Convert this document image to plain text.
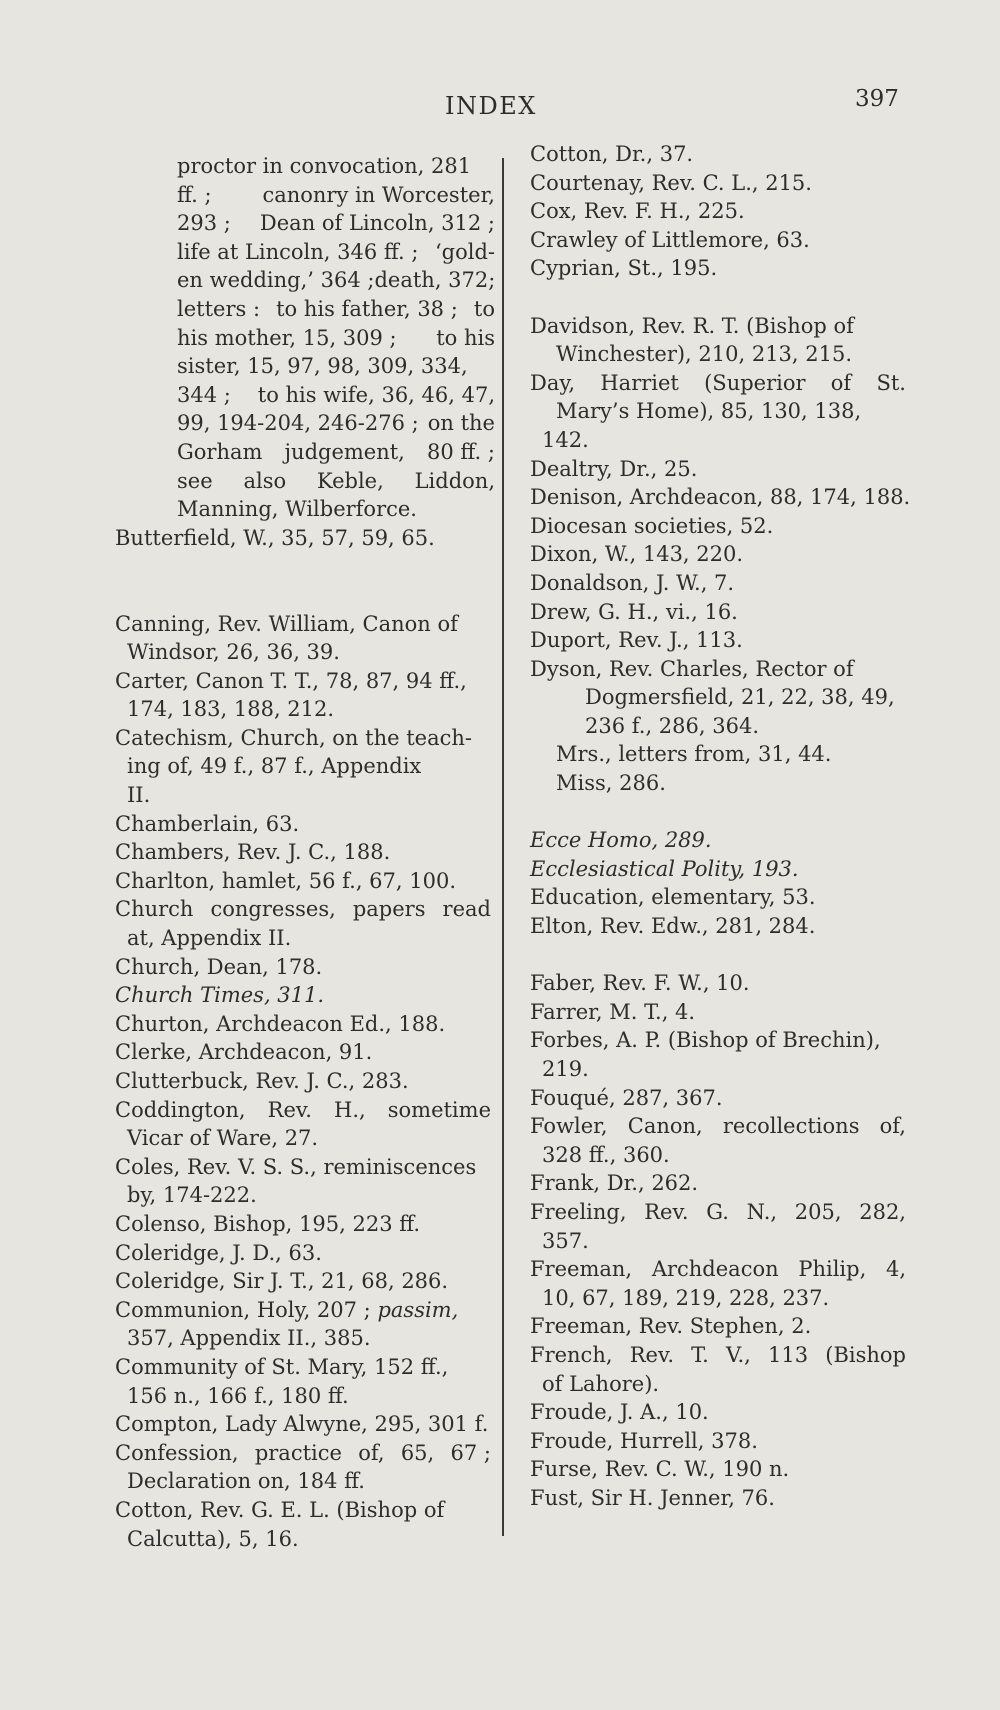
INDEX	397
proctor in convocation, 281
ff. ; canonry in Worcester,
293 ; Dean of Lincoln, 312 ;
life at Lincoln, 346 ff. ; ‘gold-
en wedding,’ 364 ; death, 372;
letters : to his father, 38 ; to
his mother, 15, 309 ; to his
sister, 15, 97, 98, 309, 334,
344 ; to his wife, 36, 46, 47,
99, 194-204, 246-276 ; on the
Gorham judgement, 80 ff. ;
see also Keble, Liddon,
Manning, Wilberforce.
Butterfield, W., 35, 57, 59, 65.
Canning, Rev. William, Canon of
Windsor, 26, 36, 39.
Carter, Canon T. T., 78, 87, 94 ff.,
174, 183, 188, 212.
Catechism, Church, on the teach-
ing of, 49 f., 87 f., Appendix
II.
Chamberlain, 63.
Chambers, Rev. J. C., 188.
Charlton, hamlet, 56 f., 67, 100.
Church congresses, papers read
at, Appendix II.
Church, Dean, 178.
Church Times, 311.
Churton, Archdeacon Ed., 188.
Clerke, Archdeacon, 91.
Clutterbuck, Rev. J. C., 283.
Coddington, Rev. H., sometime
Vicar of Ware, 27.
Coles, Rev. V. S. S., reminiscences
by, 174-222.
Colenso, Bishop, 195, 223 ff.
Coleridge, J. D., 63.
Coleridge, Sir J. T., 21, 68, 286.
Communion, Holy, 207 ; passim,
357, Appendix II., 385.
Community of St. Mary, 152 ff.,
156 n., 166 f., 180 ff.
Compton, Lady Alwyne, 295, 301 f.
Confession, practice of, 65, 67 ;
Declaration on, 184 ff.
Cotton, Rev. G. E. L. (Bishop of
Calcutta), 5, 16.
Cotton, Dr., 37.
Courtenay, Rev. C. L., 215.
Cox, Rev. F. H., 225.
Crawley of Littlemore, 63.
Cyprian, St., 195.
Davidson, Rev. R. T. (Bishop of
Winchester), 210, 213, 215.
Day, Harriet (Superior of St.
Mary’s Home), 85, 130, 138,
142.
Dealtry, Dr., 25.
Denison, Archdeacon, 88, 174, 188.
Diocesan societies, 52.
Dixon, W., 143, 220.
Donaldson, J. W., 7.
Drew, G. H., vi., 16.
Duport, Rev. J., 113.
Dyson, Rev. Charles, Rector of
Dogmersfield, 21, 22, 38, 49,
236 f., 286, 364.
Mrs., letters from, 31, 44.
Miss, 286.
Ecce Homo, 289.
Ecclesiastical Polity, 193.
Education, elementary, 53.
Elton, Rev. Edw., 281, 284.
Faber, Rev. F. W., 10.
Farrer, M. T., 4.
Forbes, A. P. (Bishop of Brechin),
219.
Fouqué, 287, 367.
Fowler, Canon, recollections of,
328 ff., 360.
Frank, Dr., 262.
Freeling, Rev. G. N., 205, 282,
357.
Freeman, Archdeacon Philip, 4,
10, 67, 189, 219, 228, 237.
Freeman, Rev. Stephen, 2.
French, Rev. T. V., 113 (Bishop
of Lahore).
Froude, J. A., 10.
Froude, Hurrell, 378.
Furse, Rev. C. W., 190 n.
Fust, Sir H. Jenner, 76.
